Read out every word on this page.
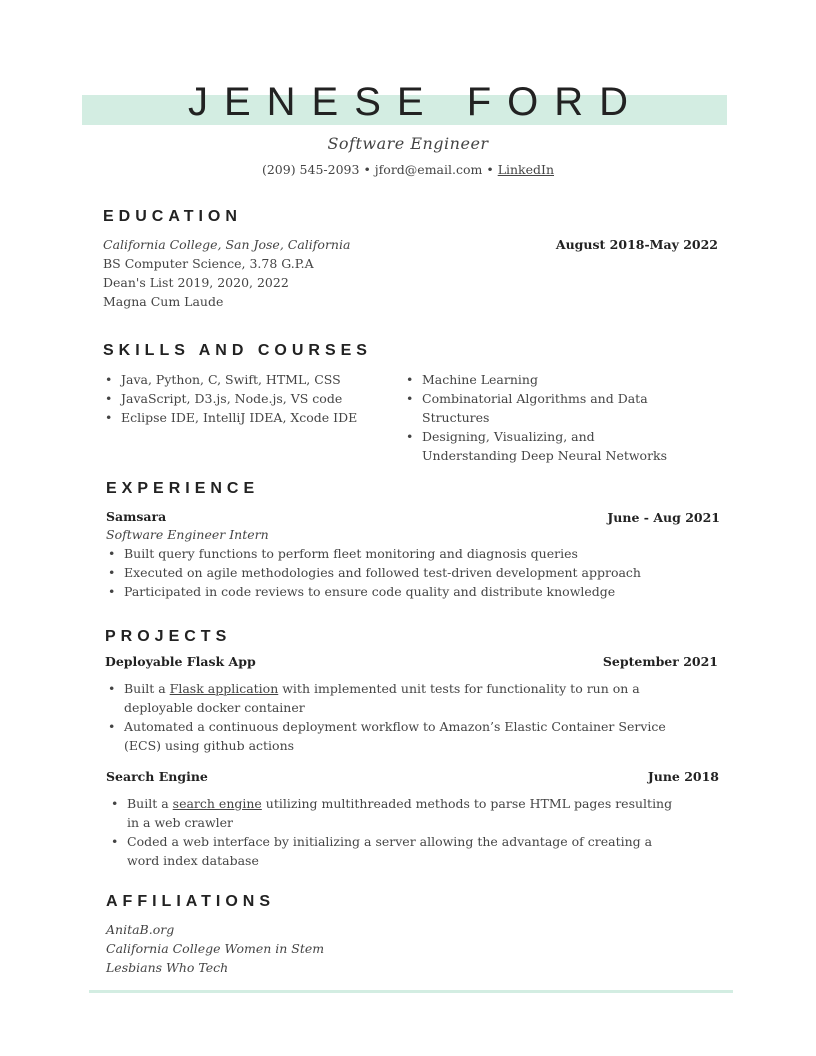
JENESE FORD
Software Engineer
(209) 545-2093 • jford@email.com • LinkedIn
EDUCATION
California College, San Jose, California	August 2018-May 2022
BS Computer Science, 3.78 G.P.A
Dean's List 2019, 2020, 2022
Magna Cum Laude
SKILLS AND COURSES
• Java, Python, C, Swift, HTML, CSS
• JavaScript, D3.js, Node.js, VS code
• Eclipse IDE, IntelliJ IDEA, Xcode IDE
• Machine Learning
• Combinatorial Algorithms and Data Structures
• Designing, Visualizing, and Understanding Deep Neural Networks
EXPERIENCE
Samsara	June - Aug 2021
Software Engineer Intern
• Built query functions to perform fleet monitoring and diagnosis queries
• Executed on agile methodologies and followed test-driven development approach
• Participated in code reviews to ensure code quality and distribute knowledge
PROJECTS
Deployable Flask App	September 2021
• Built a Flask application with implemented unit tests for functionality to run on a deployable docker container
• Automated a continuous deployment workflow to Amazon’s Elastic Container Service (ECS) using github actions
Search Engine	June 2018
• Built a search engine utilizing multithreaded methods to parse HTML pages resulting in a web crawler
• Coded a web interface by initializing a server allowing the advantage of creating a word index database
AFFILIATIONS
AnitaB.org
California College Women in Stem
Lesbians Who Tech
